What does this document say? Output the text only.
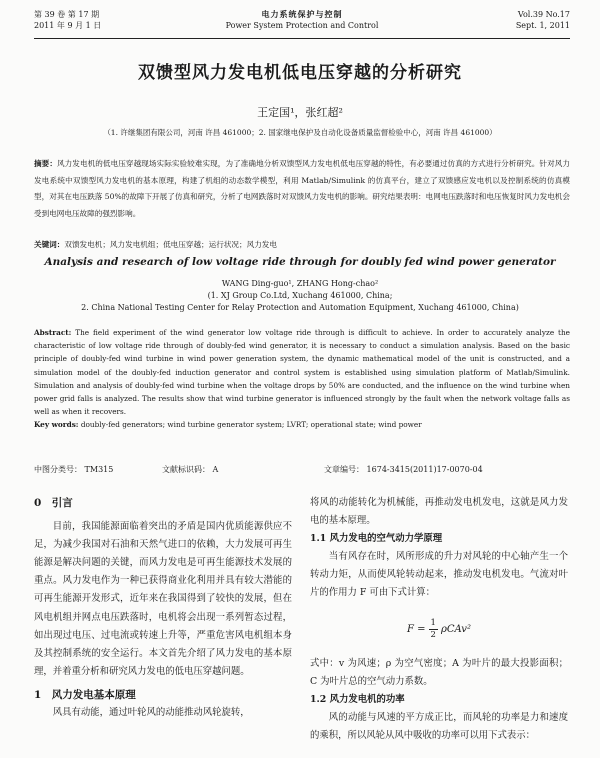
第 39 卷 第 17 期
2011 年 9 月 1 日
电力系统保护与控制
Power System Protection and Control
Vol.39 No.17
Sept. 1, 2011
双馈型风力发电机低电压穿越的分析研究
王定国¹，张红超²
（1. 许继集团有限公司，河南 许昌 461000；2. 国家继电保护及自动化设备质量监督检验中心，河南 许昌 461000）
摘要：风力发电机的低电压穿越现场实际实验较难实现，为了准确地分析双馈型风力发电机低电压穿越的特性，有必要通过仿真的方式进行分析研究。针对风力发电系统中双馈型风力发电机的基本原理，构建了机组的动态数学模型，利用 Matlab/Simulink 的仿真平台，建立了双馈感应发电机以及控制系统的仿真模型，对其在电压跌落 50%的故障下开展了仿真和研究，分析了电网跌落时对双馈风力发电机的影响。研究结果表明：电网电压跌落时和电压恢复时风力发电机会受到电网电压故障的强烈影响。
关键词：双馈发电机；风力发电机组；低电压穿越；运行状况；风力发电
Analysis and research of low voltage ride through for doubly fed wind power generator
WANG Ding-guo¹, ZHANG Hong-chao²
(1. XJ Group Co.Ltd, Xuchang 461000, China;
2. China National Testing Center for Relay Protection and Automation Equipment, Xuchang 461000, China)
Abstract: The field experiment of the wind generator low voltage ride through is difficult to achieve. In order to accurately analyze the characteristic of low voltage ride through of doubly-fed wind generator, it is necessary to conduct a simulation analysis. Based on the basic principle of doubly-fed wind turbine in wind power generation system, the dynamic mathematical model of the unit is constructed, and a simulation model of the doubly-fed induction generator and control system is established using simulation platform of Matlab/Simulink. Simulation and analysis of doubly-fed wind turbine when the voltage drops by 50% are conducted, and the influence on the wind turbine when power grid falls is analyzed. The results show that wind turbine generator is influenced strongly by the fault when the network voltage falls as well as when it recovers.
Key words: doubly-fed generators; wind turbine generator system; LVRT; operational state; wind power
中图分类号： TM315	文献标识码： A	文章编号： 1674-3415(2011)17-0070-04
0　引言

目前，我国能源面临着突出的矛盾是国内优质能源供应不足，为减少我国对石油和天然气进口的依赖，大力发展可再生能源是解决问题的关键，而风力发电是可再生能源技术发展的重点。风力发电作为一种已获得商业化利用并具有较大潜能的可再生能源开发形式，近年来在我国得到了较快的发展，但在风电机组并网点电压跌落时，电机将会出现一系列暂态过程，如出现过电压、过电流或转速上升等，严重危害风电机组本身及其控制系统的安全运行。本文首先介绍了风力发电的基本原理，并着重分析和研究风力发电的低电压穿越问题。

1　风力发电基本原理

风具有动能，通过叶轮风的动能推动风轮旋转，

将风的动能转化为机械能，再推动发电机发电，这就是风力发电的基本原理。

1.1 风力发电的空气动力学原理

当有风存在时，风所形成的升力对风轮的中心轴产生一个转动力矩，从而使风轮转动起来，推动发电机发电。气流对叶片的作用力 F 可由下式计算：

$F = \frac{1}{2} \rho CAv^2$

式中：v 为风速；ρ 为空气密度；A 为叶片的最大投影面积；C 为叶片总的空气动力系数。

1.2 风力发电机的功率

风的动能与风速的平方成正比，而风轮的功率是力和速度的乘积，所以风轮从风中吸收的功率可以用下式表示：
